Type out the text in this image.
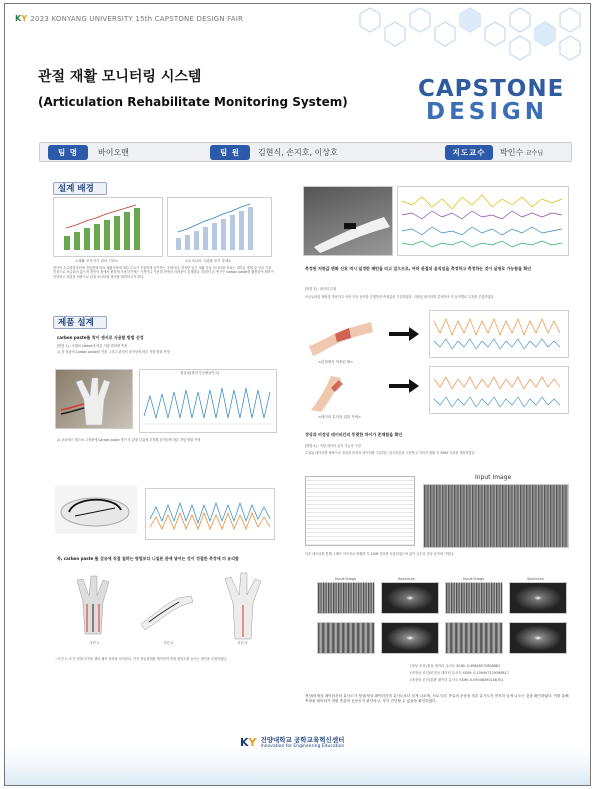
KY 2023 KONYANG UNIVERSITY 15th CAPSTONE DESIGN FAIR
관절 재활 모니터링 시스템
(Articulation Rehabilitate Monitoring System)	CAPSTONE
DESIGN
팀 명	바이오맨	팀 원	김현식, 손지호, 이상호	지도교수	박인수 교수님
설계 배경
<재활 보조기기 관리 기준>	<우리나라 고령화 증가 추세>
한국이 초고령화사회에 진입함에 따라 재활의학에 대한 수요가 꾸준하게 증가하는 추세이다. 하지만 일부 재활 운동 모니터링 장치는 대부분 병원 및 의료 기관 중심으로 보급되어 있으며 개인이 집에서 편하게 사용하기에는 가격이나 사용법 면에서 어려움이 존재한다. 따라서 본 연구는 carbon paste를 활용하여 제작이 간단하고 저렴한 비용으로 관절 모니터링 센서를 제작하고자 한다.
제품 설계
carbon paste를 착이 센서로 사용할 방법 선정
[방법 1] : 숙재료 sleeve에 따른 저항 변화량 측정
1) 을 장갑에 Carbon paste를 산물 그리고 관절의 움직임에 따른 저항 변화 측정
절상치(롤리지공량)(이크)
2) 코리에스 재스코 고정장에 Carbon paste 착인 후 관절 부위에 부착해 움직임에 따른 저항 변화 측정
즉, carbon paste 를 섬유에 직접 칠하는 방법보다 니일론 관에 넣어는 것이 정절한 측정에 더 유리함
사진 1	사진 2	사진 3
~사진 1~3 은 현재 부착된 센서 제작 과정을 보여준다. 이후 장갑형태를 제작하여 측정 정밀도를 높이는 방안을 수립하였다.
측정된 저항값 변화 신호 역시 일정한 패턴을 띠고 있으므로, 여러 관절의 움직임을 측정하고 측정하는 것이 실제로 가능함을 확인
[방법 3] : 데이터 수집
프로토타입 제품을 착용하고 여러 가지 동작을 수행하며 측정값을 기록하였다. 저장된 데이터를 분석하여 각 동작별로 특징을 추출하였다.
<관절센서 착용된 팔>
<데이터 분석을 위한 자세>
정상과 비정상 데이터간의 뚜렷한 차이가 존재함을 확인
[방법 4] : 저장 데이터 분석 기능의 구현
수집된 데이터를 바탕으로 정상과 비정상 데이터를 구분하는 알고리즘을 구현하고 이미지 변환 후 SSIM 지표를 계산하였다.
Input Image
다운 데이터를 통해 그래프 이미지로 변환한 후 SSIM 지표를 산출하였으며 값이 클수록 정상 동작에 가깝다.
Input Image	Spectrum	Input Image	Spectrum
(정상 조건)정상 데이터 유사도 SSIM: 0.49848575608881
(비정상 조건)비정상 데이터 유사도 SSIM: 0.109497129398817
(비정상 조건)불완 데이터 유사도 SSIM: 0.09048495148701
정상/비정상 데이터간의 유사도가 정상/정상 데이터간의 유사도보다 낮게 나오며, 서로 다른 종류의 운동을 경우 유사도가 현저히 낮게 나오는 것을 확인하였다. 이를 통해 측정된 데이터가 어떤 종류의 운동인지 판단하고, 자가 진단할 수 있음을 확인하였다.
KY 건양대학교 공학교육혁신센터
Innovation for Engineering Education
